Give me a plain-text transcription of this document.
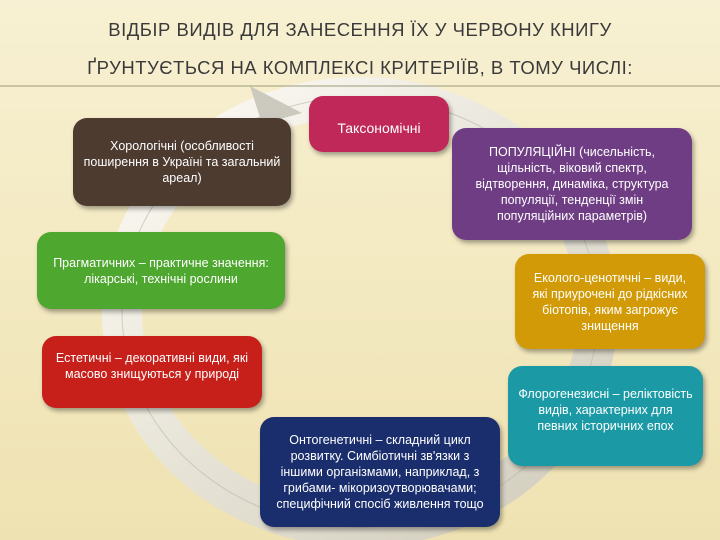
ВІДБІР ВИДІВ ДЛЯ ЗАНЕСЕННЯ ЇХ У ЧЕРВОНУ КНИГУ
ҐРУНТУЄТЬСЯ НА КОМПЛЕКСІ КРИТЕРІЇВ, В ТОМУ ЧИСЛІ:
Таксономічні
Хорологічні (особливості поширення в Україні та загальний ареал)
ПОПУЛЯЦІЙНІ (чисельність, щільність, віковий спектр, відтворення, динаміка, структура популяції, тенденції змін популяційних параметрів)
Прагматичних – практичне значення: лікарські, технічні рослини	Еколого-ценотичні – види, які приурочені до рідкісних біотопів, яким загрожує знищення
Естетичні – декоративні види, які масово знищуються у природі
Флорогенезисні – реліктовість видів, характерних для певних історичних епох
Онтогенетичні – складний цикл розвитку. Симбіотичні зв'язки з іншими організмами, наприклад, з грибами- мікоризоутворювачами; специфічний спосіб живлення тощо
